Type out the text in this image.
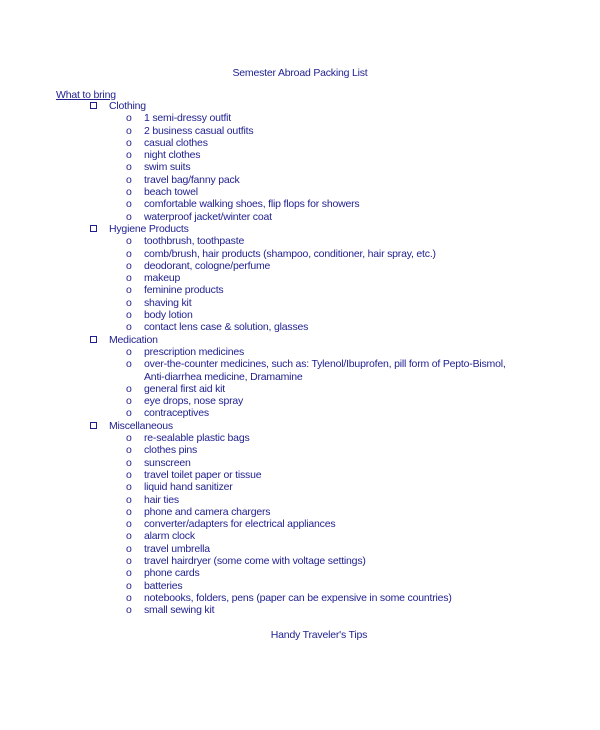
Semester Abroad Packing List
What to bring
Clothing
o 1 semi-dressy outfit
o 2 business casual outfits
o casual clothes
o night clothes
o swim suits
o travel bag/fanny pack
o beach towel
o comfortable walking shoes, flip flops for showers
o waterproof jacket/winter coat
Hygiene Products
o toothbrush, toothpaste
o comb/brush, hair products (shampoo, conditioner, hair spray, etc.)
o deodorant, cologne/perfume
o makeup
o feminine products
o shaving kit
o body lotion
o contact lens case & solution, glasses
Medication
o prescription medicines
o over-the-counter medicines, such as: Tylenol/Ibuprofen, pill form of Pepto-Bismol, Anti-diarrhea medicine, Dramamine
o general first aid kit
o eye drops, nose spray
o contraceptives
Miscellaneous
o re-sealable plastic bags
o clothes pins
o sunscreen
o travel toilet paper or tissue
o liquid hand sanitizer
o hair ties
o phone and camera chargers
o converter/adapters for electrical appliances
o alarm clock
o travel umbrella
o travel hairdryer (some come with voltage settings)
o phone cards
o batteries
o notebooks, folders, pens (paper can be expensive in some countries)
o small sewing kit
Handy Traveler's Tips
